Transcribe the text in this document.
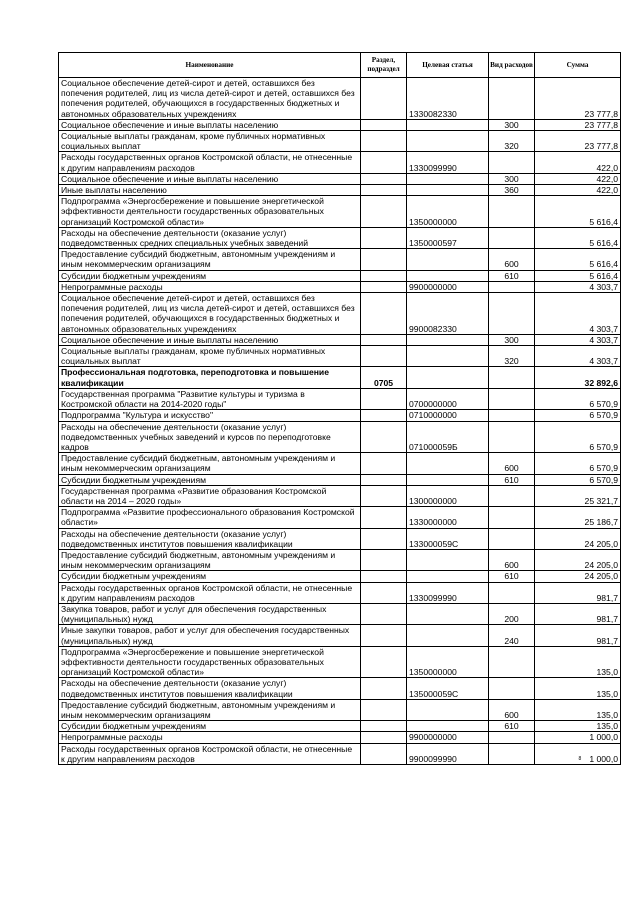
Наименование	Раздел, подраздел	Целевая статья	Вид расходов	Сумма
Социальное обеспечение детей-сирот и детей, оставшихся без попечения родителей, лиц из числа детей-сирот и детей, оставшихся без попечения родителей, обучающихся в государственных бюджетных и автономных образовательных учреждениях		1330082330		23 777,8
Социальное обеспечение и иные выплаты населению			300	23 777,8
Социальные выплаты гражданам, кроме публичных нормативных социальных выплат			320	23 777,8
Расходы государственных органов Костромской области, не отнесенные к другим направлениям расходов		1330099990		422,0
Социальное обеспечение и иные выплаты населению			300	422,0
Иные выплаты населению			360	422,0
Подпрограмма «Энергосбережение и повышение энергетической эффективности деятельности государственных образовательных организаций Костромской области»		1350000000		5 616,4
Расходы на обеспечение деятельности (оказание услуг) подведомственных средних специальных учебных заведений		1350000597		5 616,4
Предоставление субсидий бюджетным, автономным учреждениям и иным некоммерческим организациям			600	5 616,4
Субсидии бюджетным учреждениям			610	5 616,4
Непрограммные расходы		9900000000		4 303,7
Социальное обеспечение детей-сирот и детей, оставшихся без попечения родителей, лиц из числа детей-сирот и детей, оставшихся без попечения родителей, обучающихся в государственных бюджетных и автономных образовательных учреждениях		9900082330		4 303,7
Социальное обеспечение и иные выплаты населению			300	4 303,7
Социальные выплаты гражданам, кроме публичных нормативных социальных выплат			320	4 303,7
Профессиональная подготовка, переподготовка и повышение квалификации	0705			32 892,6
Государственная программа "Развитие культуры и туризма в Костромской области на 2014-2020 годы"		0700000000		6 570,9
Подпрограмма "Культура и искусство"		0710000000		6 570,9
Расходы на обеспечение деятельности (оказание услуг) подведомственных учебных заведений и курсов по переподготовке кадров		071000059Б		6 570,9
Предоставление субсидий бюджетным, автономным учреждениям и иным некоммерческим организациям			600	6 570,9
Субсидии бюджетным учреждениям			610	6 570,9
Государственная программа «Развитие образования Костромской области на 2014 – 2020 годы»		1300000000		25 321,7
Подпрограмма «Развитие профессионального образования Костромской области»		1330000000		25 186,7
Расходы на обеспечение деятельности (оказание услуг) подведомственных институтов повышения квалификации		133000059С		24 205,0
Предоставление субсидий бюджетным, автономным учреждениям и иным некоммерческим организациям			600	24 205,0
Субсидии бюджетным учреждениям			610	24 205,0
Расходы государственных органов Костромской области, не отнесенные к другим направлениям расходов		1330099990		981,7
Закупка товаров, работ и услуг для обеспечения государственных (муниципальных) нужд			200	981,7
Иные закупки товаров, работ и услуг для обеспечения государственных (муниципальных) нужд			240	981,7
Подпрограмма «Энергосбережение и повышение энергетической эффективности деятельности государственных образовательных организаций Костромской области»		1350000000		135,0
Расходы на обеспечение деятельности (оказание услуг) подведомственных институтов повышения квалификации		135000059С		135,0
Предоставление субсидий бюджетным, автономным учреждениям и иным некоммерческим организациям			600	135,0
Субсидии бюджетным учреждениям			610	135,0
Непрограммные расходы		9900000000		1 000,0
Расходы государственных органов Костромской области, не отнесенные к другим направлениям расходов		9900099990		$^8$ 1 000,0
